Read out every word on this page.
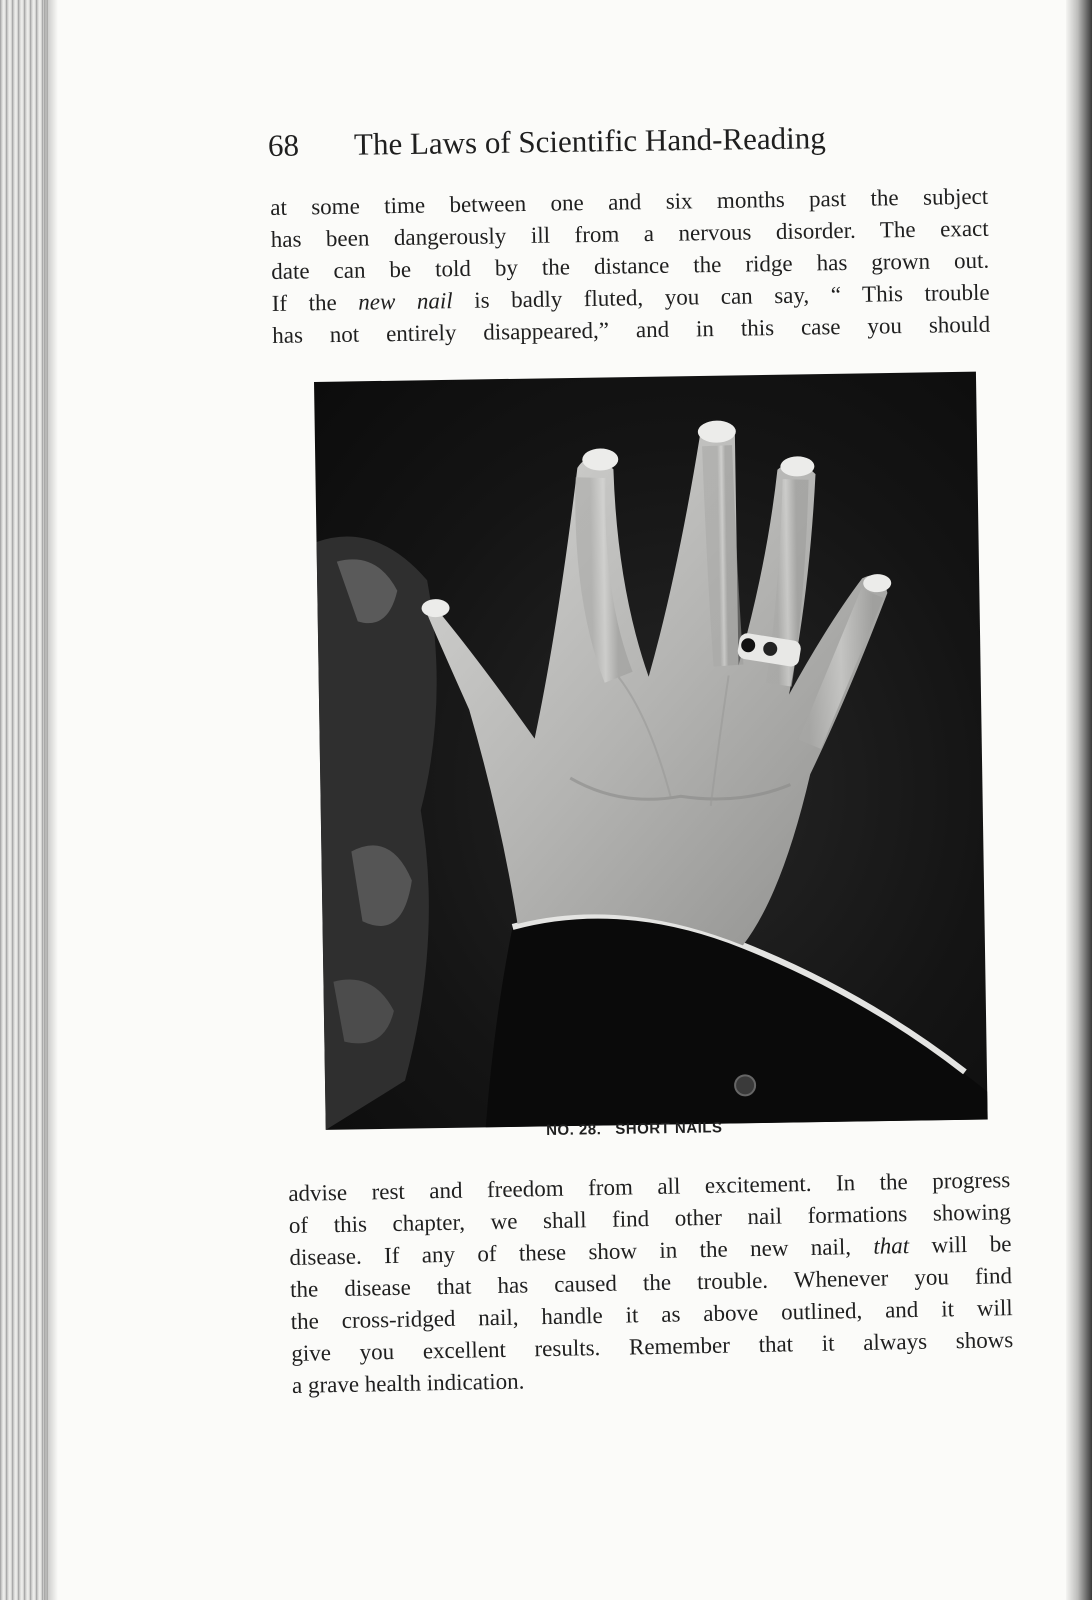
68 The Laws of Scientific Hand-Reading
at some time between one and six months past the subject
has been dangerously ill from a nervous disorder. The exact
date can be told by the distance the ridge has grown out.
If the new nail is badly fluted, you can say, “ This trouble
has not entirely disappeared,” and in this case you should
NO. 28. SHORT NAILS
advise rest and freedom from all excitement. In the progress
of this chapter, we shall find other nail formations showing
disease. If any of these show in the new nail, that will be
the disease that has caused the trouble. Whenever you find
the cross-ridged nail, handle it as above outlined, and it will
give you excellent results. Remember that it always shows
a grave health indication.
